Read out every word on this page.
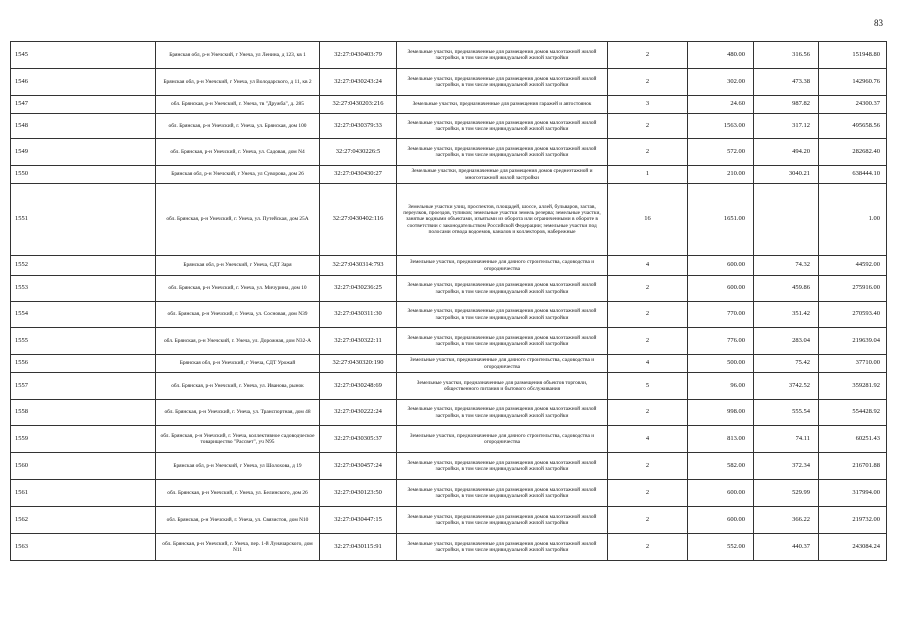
83
1545	Брянская обл, р-н Унечский, г Унеча, ул Ленина, д 123, кв 1	32:27:0430403:79	Земельные участки, предназначенные для размещения домов малоэтажной жилой застройки, в том числе индивидуальной жилой застройки	2	480.00	316.56	151948.80
1546	Брянская обл, р-н Унечский, г Унеча, ул Володарского, д 11, кв 2	32:27:0430243:24	Земельные участки, предназначенные для размещения домов малоэтажной жилой застройки, в том числе индивидуальной жилой застройки	2	302.00	473.38	142960.76
1547	обл. Брянская, р-н Унечский, г. Унеча, тв "Дружба", д. 285	32:27:0430203:216	Земельные участки, предназначенные для размещения гаражей и автостоянок	3	24.60	987.82	24300.37
1548	обл. Брянская, р-н Унечский, г. Унеча, ул. Брянская, дом 100	32:27:0430379:33	Земельные участки, предназначенные для размещения домов малоэтажной жилой застройки, в том числе индивидуальной жилой застройки	2	1563.00	317.12	495658.56
1549	обл. Брянская, р-н Унечский, г. Унеча, ул. Садовая, дом N4	32:27:0430226:5	Земельные участки, предназначенные для размещения домов малоэтажной жилой застройки, в том числе индивидуальной жилой застройки	2	572.00	494.20	282682.40
1550	Брянская обл, р-н Унечский, г Унеча, ул Суворова, дом 26	32:27:0430430:27	Земельные участки, предназначенные для размещения домов среднеэтажной и многоэтажной жилой застройки	1	210.00	3040.21	638444.10
1551	обл. Брянская, р-н Унечский, г. Унеча, ул. Путейская, дом 25А	32:27:0430402:116	Земельные участки улиц, проспектов, площадей, шоссе, аллей, бульваров, застав, переулков, проездов, тупиков; земельные участки земель резерва; земельные участки, занятые водными объектами, изъятыми из оборота или ограниченными в обороте в соответствии с законодательством Российской Федерации; земельные участки под полосами отвода водоемов, каналов и коллекторов, набережные	16	1651.00		1.00
1552	Брянская обл, р-н Унечский, г Унеча, СДТ Заря	32:27:0430314:793	Земельные участки, предназначенные для дачного строительства, садоводства и огородничества	4	600.00	74.32	44592.00
1553	обл. Брянская, р-н Унечский, г. Унеча, ул. Мичурина, дом 10	32:27:0430236:25	Земельные участки, предназначенные для размещения домов малоэтажной жилой застройки, в том числе индивидуальной жилой застройки	2	600.00	459.86	275916.00
1554	обл. Брянская, р-н Унечский, г. Унеча, ул. Сосновая, дом N39	32:27:0430311:30	Земельные участки, предназначенные для размещения домов малоэтажной жилой застройки, в том числе индивидуальной жилой застройки	2	770.00	351.42	270593.40
1555	обл. Брянская, р-н Унечский, г. Унеча, ул. Дорожная, дом N32-А	32:27:0430322:11	Земельные участки, предназначенные для размещения домов малоэтажной жилой застройки, в том числе индивидуальной жилой застройки	2	776.00	283.04	219639.04
1556	Брянская обл, р-н Унечский, г Унеча, СДТ Урожай	32:27:0430320:190	Земельные участки, предназначенные для дачного строительства, садоводства и огородничества	4	500.00	75.42	37710.00
1557	обл. Брянская, р-н Унечский, г. Унеча, ул. Иванова, рынок	32:27:0430248:69	Земельные участки, предназначенные для размещения объектов торговли, общественного питания и бытового обслуживания	5	96.00	3742.52	359281.92
1558	обл. Брянская, р-н Унечский, г. Унеча, ул. Транспортная, дом 48	32:27:0430222:24	Земельные участки, предназначенные для размещения домов малоэтажной жилой застройки, в том числе индивидуальной жилой застройки	2	998.00	555.54	554428.92
1559	обл. Брянская, р-н Унечский, г. Унеча, коллективное садоводческое товарищество "Рассвет", уч N95	32:27:0430305:37	Земельные участки, предназначенные для дачного строительства, садоводства и огородничества	4	813.00	74.11	60251.43
1560	Брянская обл, р-н Унечский, г Унеча, ул Шолохова, д 19	32:27:0430457:24	Земельные участки, предназначенные для размещения домов малоэтажной жилой застройки, в том числе индивидуальной жилой застройки	2	582.00	372.34	216701.88
1561	обл. Брянская, р-н Унечский, г. Унеча, ул. Белинского, дом 26	32:27:0430123:50	Земельные участки, предназначенные для размещения домов малоэтажной жилой застройки, в том числе индивидуальной жилой застройки	2	600.00	529.99	317994.00
1562	обл. Брянская, р-н Унечский, г. Унеча, ул. Связистов, дом N10	32:27:0430447:15	Земельные участки, предназначенные для размещения домов малоэтажной жилой застройки, в том числе индивидуальной жилой застройки	2	600.00	366.22	219732.00
1563	обл. Брянская, р-н Унечский, г. Унеча, пер. 1-й Луначарского, дом N11	32:27:0430115:91	Земельные участки, предназначенные для размещения домов малоэтажной жилой застройки, в том числе индивидуальной жилой застройки	2	552.00	440.37	243084.24
